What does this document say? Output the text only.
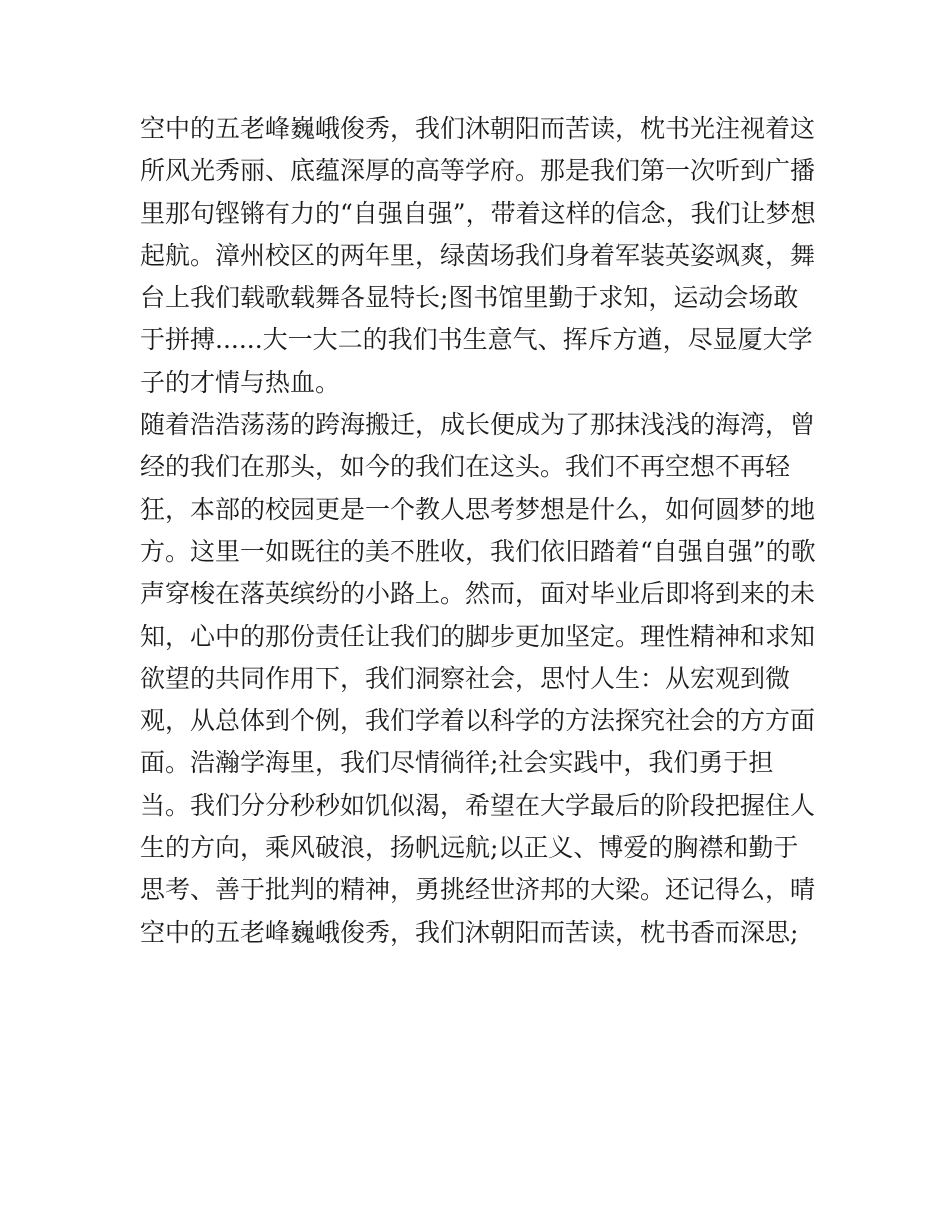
空中的五老峰巍峨俊秀，我们沐朝阳而苦读，枕书光注视着这
所风光秀丽、底蕴深厚的高等学府。那是我们第一次听到广播
里那句铿锵有力的“自强自强”，带着这样的信念，我们让梦想
起航。漳州校区的两年里，绿茵场我们身着军装英姿飒爽，舞
台上我们载歌载舞各显特长;图书馆里勤于求知，运动会场敢
于拼搏......大一大二的我们书生意气、挥斥方遒，尽显厦大学
子的才情与热血。
随着浩浩荡荡的跨海搬迁，成长便成为了那抹浅浅的海湾，曾
经的我们在那头，如今的我们在这头。我们不再空想不再轻
狂，本部的校园更是一个教人思考梦想是什么，如何圆梦的地
方。这里一如既往的美不胜收，我们依旧踏着“自强自强”的歌
声穿梭在落英缤纷的小路上。然而，面对毕业后即将到来的未
知，心中的那份责任让我们的脚步更加坚定。理性精神和求知
欲望的共同作用下，我们洞察社会，思忖人生：从宏观到微
观，从总体到个例，我们学着以科学的方法探究社会的方方面
面。浩瀚学海里，我们尽情徜徉;社会实践中，我们勇于担
当。我们分分秒秒如饥似渴，希望在大学最后的阶段把握住人
生的方向，乘风破浪，扬帆远航;以正义、博爱的胸襟和勤于
思考、善于批判的精神，勇挑经世济邦的大梁。还记得么，晴
空中的五老峰巍峨俊秀，我们沐朝阳而苦读，枕书香而深思;
